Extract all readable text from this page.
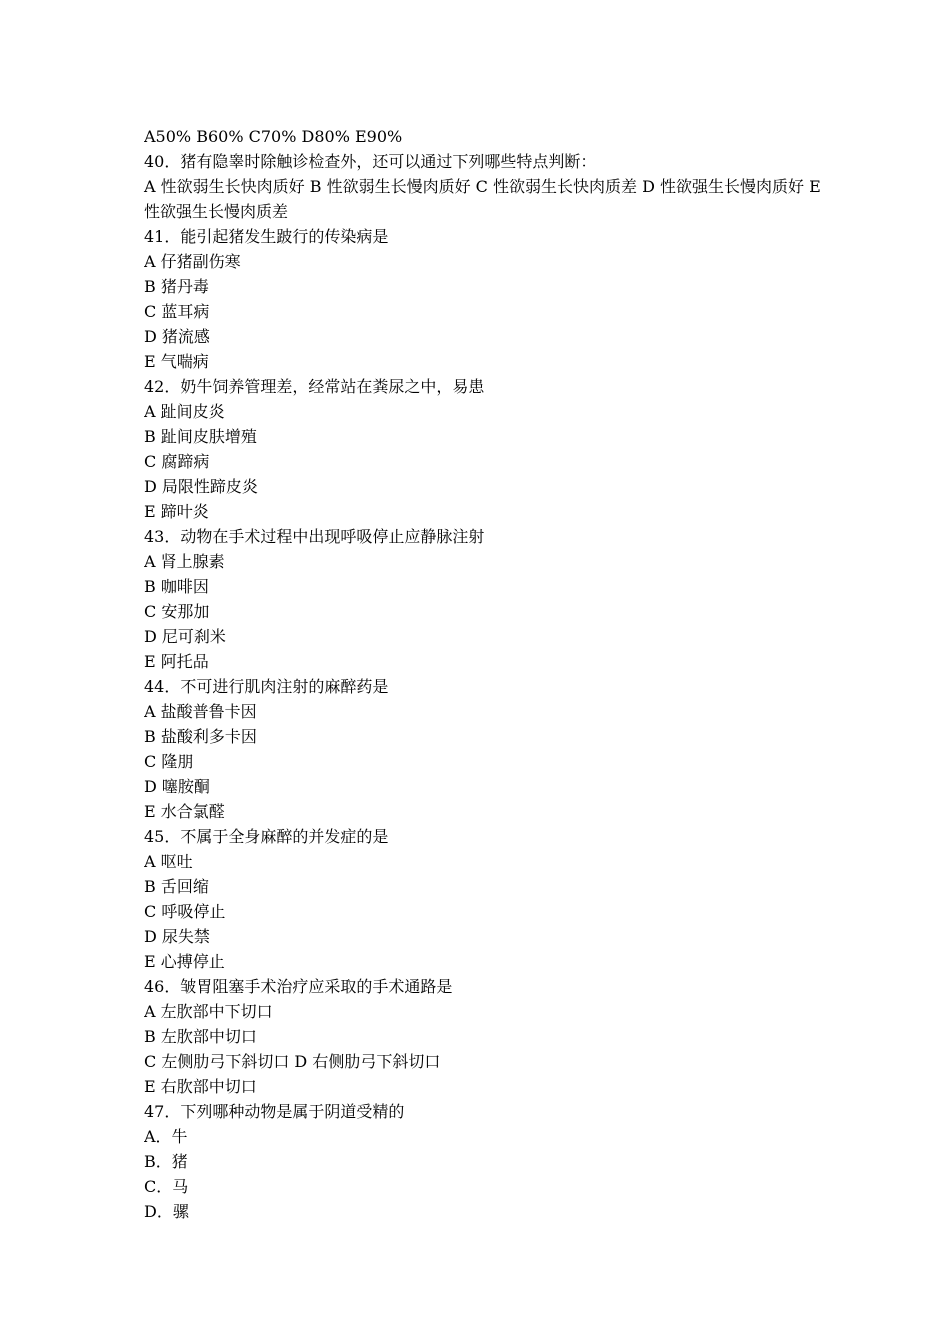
A50% B60% C70% D80% E90%
40．猪有隐睾时除触诊检查外，还可以通过下列哪些特点判断：
A 性欲弱生长快肉质好 B 性欲弱生长慢肉质好 C 性欲弱生长快肉质差 D 性欲强生长慢肉质好 E 性欲强生长慢肉质差
41．能引起猪发生跛行的传染病是
A 仔猪副伤寒
B 猪丹毒
C 蓝耳病
D 猪流感
E 气喘病
42．奶牛饲养管理差，经常站在粪尿之中，易患
A 趾间皮炎
B 趾间皮肤增殖
C 腐蹄病
D 局限性蹄皮炎
E 蹄叶炎
43．动物在手术过程中出现呼吸停止应静脉注射
A 肾上腺素
B 咖啡因
C 安那加
D 尼可刹米
E 阿托品
44．不可进行肌肉注射的麻醉药是
A 盐酸普鲁卡因
B 盐酸利多卡因
C 隆朋
D 噻胺酮
E 水合氯醛
45．不属于全身麻醉的并发症的是
A 呕吐
B 舌回缩
C 呼吸停止
D 尿失禁
E 心搏停止
46．皱胃阻塞手术治疗应采取的手术通路是
A 左肷部中下切口
B 左肷部中切口
C 左侧肋弓下斜切口 D 右侧肋弓下斜切口
E 右肷部中切口
47．下列哪种动物是属于阴道受精的
A．牛
B．猪
C．马
D．骡
